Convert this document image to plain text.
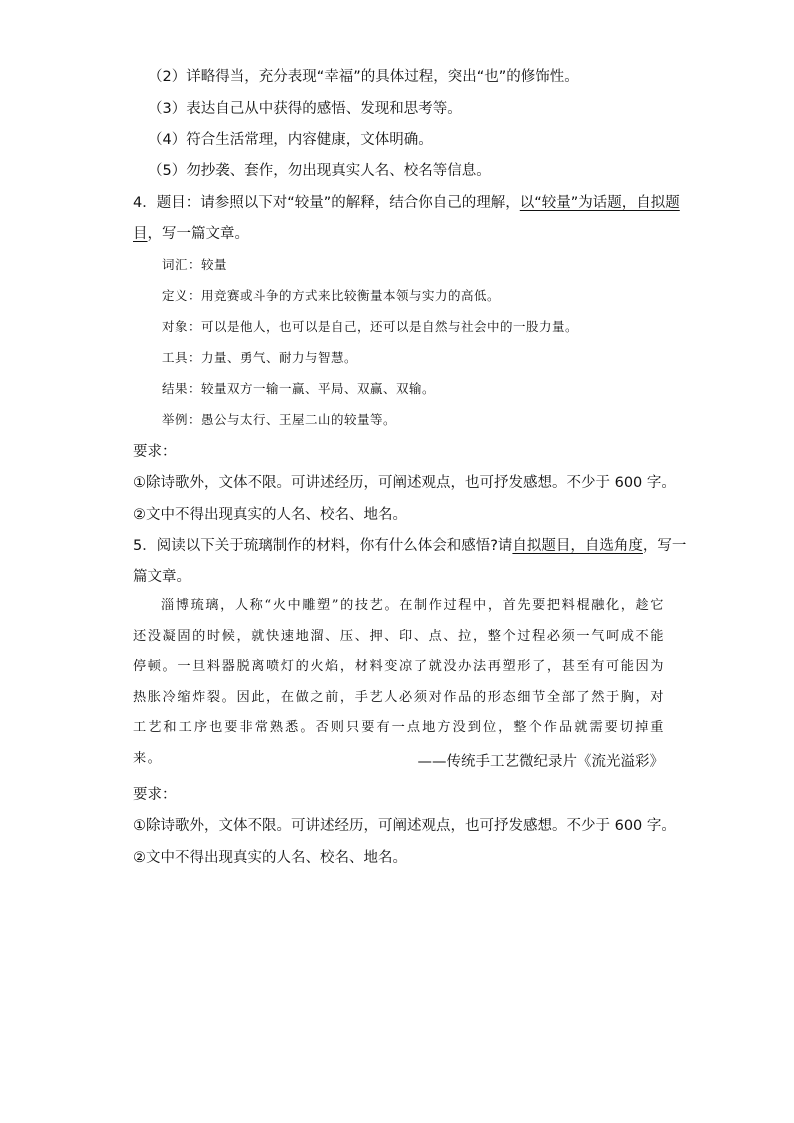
（2）详略得当，充分表现“幸福”的具体过程，突出“也”的修饰性。
（3）表达自己从中获得的感悟、发现和思考等。
（4）符合生活常理，内容健康，文体明确。
（5）勿抄袭、套作，勿出现真实人名、校名等信息。
4．题目：请参照以下对“较量”的解释，结合你自己的理解，以“较量”为话题，自拟题
目，写一篇文章。
词汇：较量
定义：用竞赛或斗争的方式来比较衡量本领与实力的高低。
对象：可以是他人，也可以是自己，还可以是自然与社会中的一股力量。
工具：力量、勇气、耐力与智慧。
结果：较量双方一输一赢、平局、双赢、双输。
举例：愚公与太行、王屋二山的较量等。
要求：
①除诗歌外，文体不限。可讲述经历，可阐述观点，也可抒发感想。不少于 600 字。
②文中不得出现真实的人名、校名、地名。
5．阅读以下关于琉璃制作的材料，你有什么体会和感悟?请自拟题目，自选角度，写一
篇文章。

淄博琉璃，人称“火中雕塑”的技艺。在制作过程中，首先要把料棍融化，趁它还没凝固的时候，就快速地溜、压、押、印、点、拉，整个过程必须一气呵成不能停顿。一旦料器脱离喷灯的火焰，材料变凉了就没办法再塑形了，甚至有可能因为热胀冷缩炸裂。因此，在做之前，手艺人必须对作品的形态细节全部了然于胸，对工艺和工序也要非常熟悉。否则只要有一点地方没到位，整个作品就需要切掉重来。	——传统手工艺微纪录片《流光溢彩》
要求：
①除诗歌外，文体不限。可讲述经历，可阐述观点，也可抒发感想。不少于 600 字。
②文中不得出现真实的人名、校名、地名。
